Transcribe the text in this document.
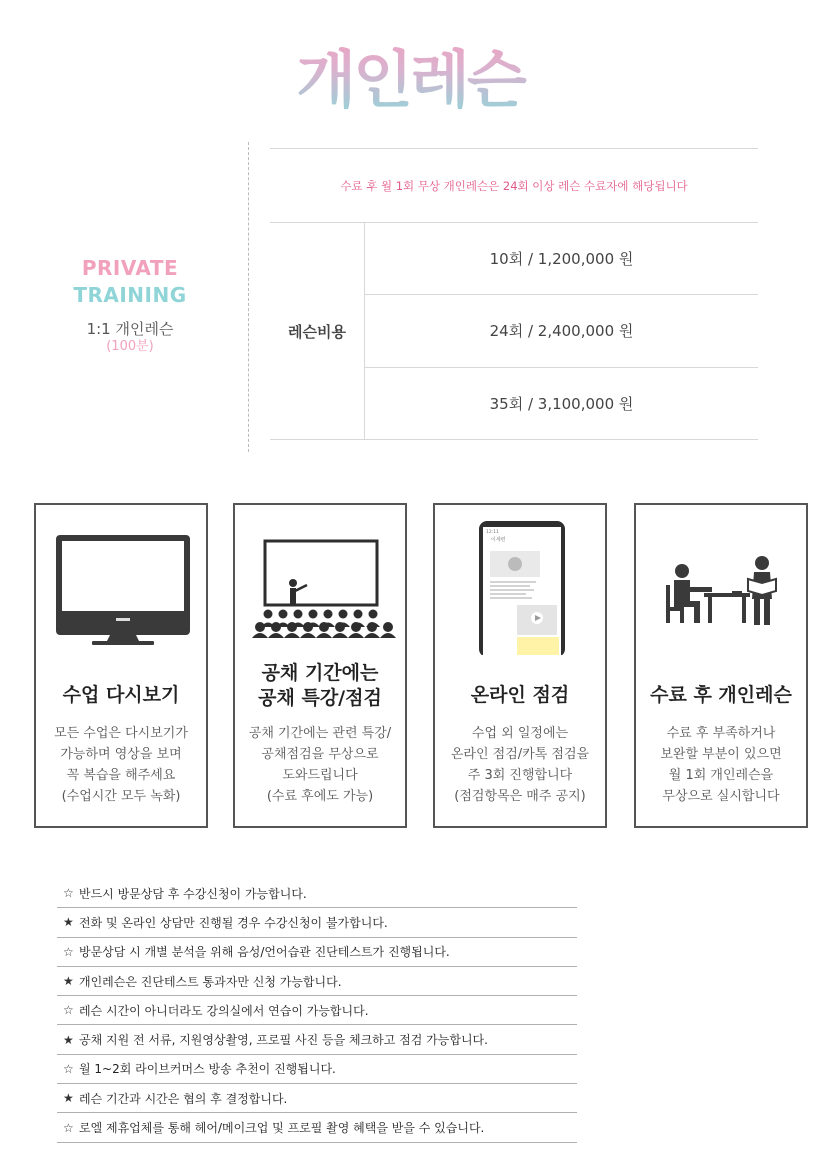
개인레슨
PRIVATE
TRAINING
1:1 개인레슨
(100분)
수료 후 월 1회 무상 개인레슨은 24회 이상 레슨 수료자에 해당됩니다
레슨비용
10회 / 1,200,000 원
24회 / 2,400,000 원
35회 / 3,100,000 원
수업 다시보기

모든 수업은 다시보기가
가능하며 영상을 보며
꼭 복습을 해주세요
(수업시간 모두 녹화)

공채 기간에는
공채 특강/점검

공채 기간에는 관련 특강/
공채점검을 무상으로
도와드립니다
(수료 후에도 가능)

12:11
이세련
온라인 점검

수업 외 일정에는
온라인 점검/카톡 점검을
주 3회 진행합니다
(점검항목은 매주 공지)

수료 후 개인레슨

수료 후 부족하거나
보완할 부분이 있으면
월 1회 개인레슨을
무상으로 실시합니다

☆ 반드시 방문상담 후 수강신청이 가능합니다.
★ 전화 및 온라인 상담만 진행될 경우 수강신청이 불가합니다.
☆ 방문상담 시 개별 분석을 위해 음성/언어습관 진단테스트가 진행됩니다.
★ 개인레슨은 진단테스트 통과자만 신청 가능합니다.
☆ 레슨 시간이 아니더라도 강의실에서 연습이 가능합니다.
★ 공채 지원 전 서류, 지원영상촬영, 프로필 사진 등을 체크하고 점검 가능합니다.
☆ 월 1~2회 라이브커머스 방송 추천이 진행됩니다.
★ 레슨 기간과 시간은 협의 후 결정합니다.
☆ 로엘 제휴업체를 통해 헤어/메이크업 및 프로필 촬영 혜택을 받을 수 있습니다.
